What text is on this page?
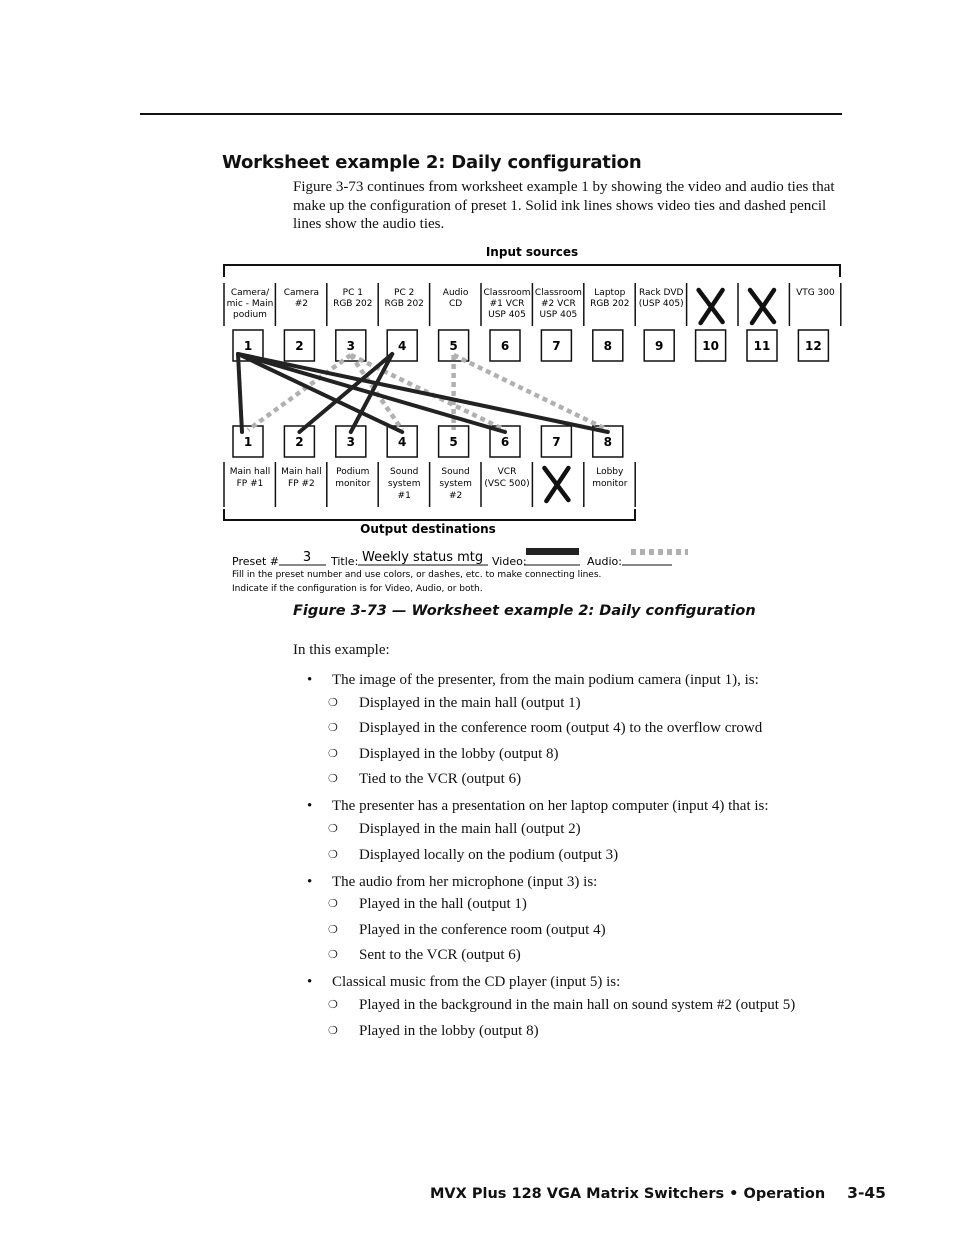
Worksheet example 2: Daily configuration
Figure 3-73 continues from worksheet example 1 by showing the video and audio ties that make up the configuration of preset 1. Solid ink lines shows video ties and dashed pencil lines show the audio ties.
Input sources
Camera/
mic - Main
podium
1
Camera
#2
2
PC 1
RGB 202
3
PC 2
RGB 202
4
Audio
CD
5
Classroom
#1 VCR
USP 405
6
Classroom
#2 VCR
USP 405
7
Laptop
RGB 202
8
Rack DVD
(USP 405)
9	10	11
VTG 300
12
1
Main hall
FP #1
2
Main hall
FP #2
3
Podium
monitor
4
Sound
system
#1
5
Sound
system
#2
6
VCR
(VSC 500)
7	8
Lobby
monitor
Output destinations
Preset # 3 Title: Weekly status mtg Video:	Audio:
Fill in the preset number and use colors, or dashes, etc. to make connecting lines.
Indicate if the configuration is for Video, Audio, or both.
Figure 3-73 — Worksheet example 2: Daily configuration
In this example:
• The image of the presenter, from the main podium camera (input 1), is:
❍ Displayed in the main hall (output 1)
❍ Displayed in the conference room (output 4) to the overflow crowd
❍ Displayed in the lobby (output 8)
❍ Tied to the VCR (output 6)
• The presenter has a presentation on her laptop computer (input 4) that is:
❍ Displayed in the main hall (output 2)
❍ Displayed locally on the podium (output 3)
• The audio from her microphone (input 3) is:
❍ Played in the hall (output 1)
❍ Played in the conference room (output 4)
❍ Sent to the VCR (output 6)
• Classical music from the CD player (input 5) is:
❍ Played in the background in the main hall on sound system #2 (output 5)
❍ Played in the lobby (output 8)
MVX Plus 128 VGA Matrix Switchers • Operation 3-45
